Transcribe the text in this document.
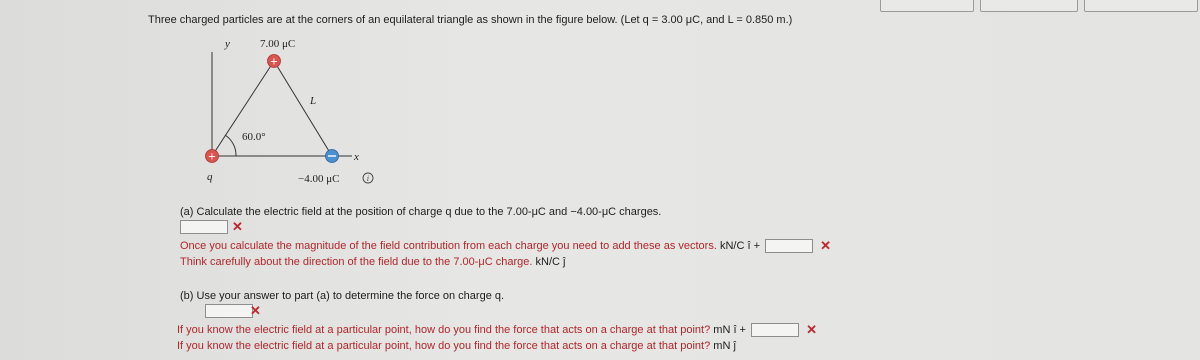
Three charged particles are at the corners of an equilateral triangle as shown in the figure below. (Let q = 3.00 μC, and L = 0.850 m.)
y	7.00 μC
x
L
60.0°
+
+
q	−4.00 μC	i
(a) Calculate the electric field at the position of charge q due to the 7.00-μC and −4.00-μC charges.
✕
Once you calculate the magnitude of the field contribution from each charge you need to add these as vectors. kN/C î +	✕
Think carefully about the direction of the field due to the 7.00-μC charge. kN/C ĵ
(b) Use your answer to part (a) to determine the force on charge q.
✕
If you know the electric field at a particular point, how do you find the force that acts on a charge at that point? mN î +	✕
If you know the electric field at a particular point, how do you find the force that acts on a charge at that point? mN ĵ
